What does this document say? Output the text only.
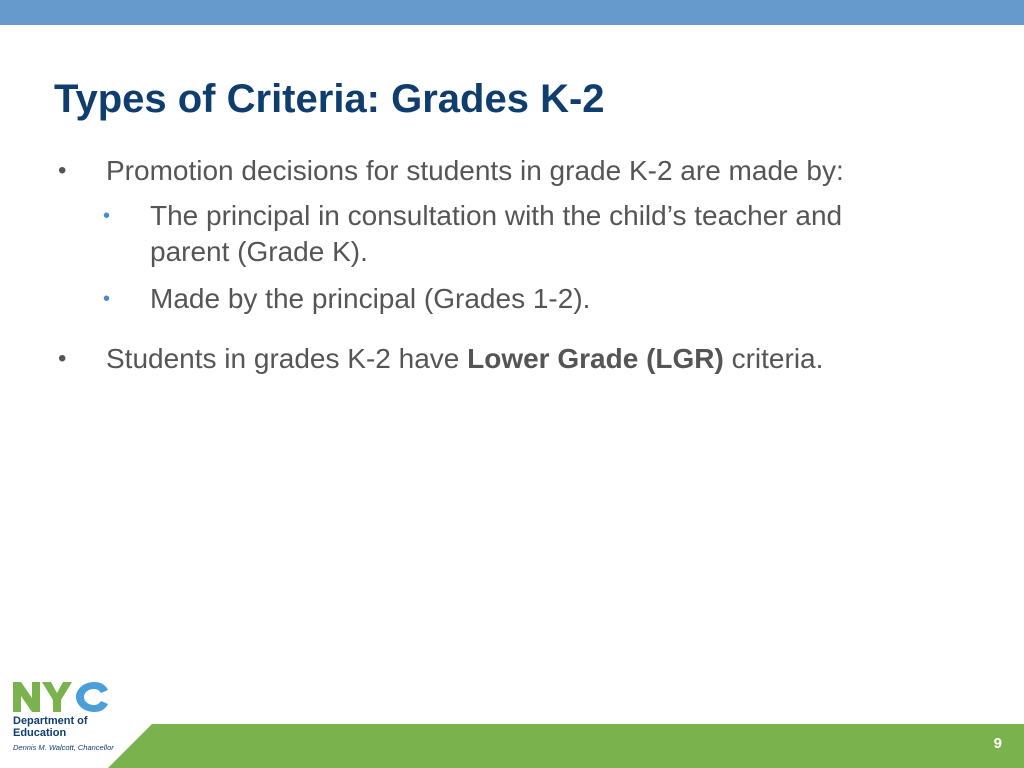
Types of Criteria: Grades K-2
• Promotion decisions for students in grade K-2 are made by:
• The principal in consultation with the child’s teacher and
parent (Grade K).
• Made by the principal (Grades 1-2).
• Students in grades K-2 have Lower Grade (LGR) criteria.
9
Department of
Education
Dennis M. Walcott, Chancellor
